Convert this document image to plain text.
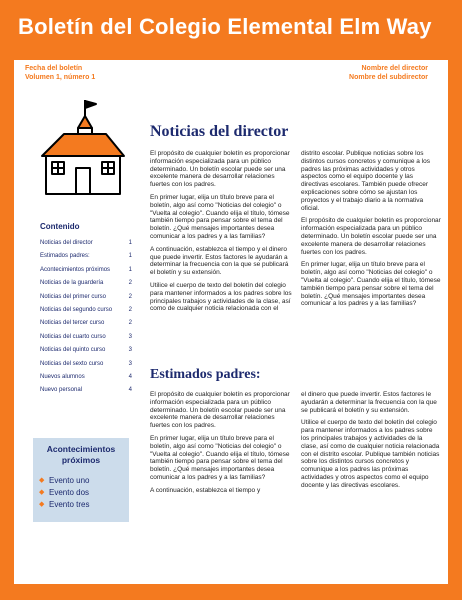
Boletín del Colegio Elemental Elm Way
Fecha del boletín
Volumen 1, número 1
Nombre del director
Nombre del subdirector
Contenido
Noticias del director	1
Estimados padres:	1
Acontecimientos próximos	1
Noticias de la guardería	2
Noticias del primer curso	2
Noticias del segundo curso	2
Noticias del tercer curso	2
Noticias del cuarto curso	3
Noticias del quinto curso	3
Noticias del sexto curso	3
Nuevos alumnos	4
Nuevo personal	4
Acontecimientos próximos
◆ Evento uno
◆ Evento dos
◆ Evento tres
Noticias del director

El propósito de cualquier boletín es proporcionar información especializada para un público determinado. Un boletín escolar puede ser una excelente manera de desarrollar relaciones fuertes con los padres.

En primer lugar, elija un título breve para el boletín, algo así como "Noticias del colegio" o "Vuelta al colegio". Cuando elija el título, tómese también tiempo para pensar sobre el tema del boletín. ¿Qué mensajes importantes desea comunicar a los padres y a las familias?

A continuación, establezca el tiempo y el dinero que puede invertir. Estos factores le ayudarán a determinar la frecuencia con la que se publicará el boletín y su extensión.

Utilice el cuerpo de texto del boletín del colegio para mantener informados a los padres sobre los principales trabajos y actividades de la clase, así como de cualquier noticia relacionada con el

distrito escolar. Publique noticias sobre los distintos cursos concretos y comunique a los padres las próximas actividades y otros aspectos como el equipo docente y las directivas escolares. También puede ofrecer explicaciones sobre cómo se ajustan los proyectos y el trabajo diario a la normativa oficial.

El propósito de cualquier boletín es proporcionar información especializada para un público determinado. Un boletín escolar puede ser una excelente manera de desarrollar relaciones fuertes con los padres.

En primer lugar, elija un título breve para el boletín, algo así como "Noticias del colegio" o "Vuelta al colegio". Cuando elija el título, tómese también tiempo para pensar sobre el tema del boletín. ¿Qué mensajes importantes desea comunicar a los padres y a las familias?

Estimados padres:

El propósito de cualquier boletín es proporcionar información especializada para un público determinado. Un boletín escolar puede ser una excelente manera de desarrollar relaciones fuertes con los padres.

En primer lugar, elija un título breve para el boletín, algo así como "Noticias del colegio" o "Vuelta al colegio". Cuando elija el título, tómese también tiempo para pensar sobre el tema del boletín. ¿Qué mensajes importantes desea comunicar a los padres y a las familias?

A continuación, establezca el tiempo y

el dinero que puede invertir. Estos factores le ayudarán a determinar la frecuencia con la que se publicará el boletín y su extensión.

Utilice el cuerpo de texto del boletín del colegio para mantener informados a los padres sobre los principales trabajos y actividades de la clase, así como de cualquier noticia relacionada con el distrito escolar. Publique también noticias sobre los distintos cursos concretos y comunique a los padres las próximas actividades y otros aspectos como el equipo docente y las directivas escolares.
